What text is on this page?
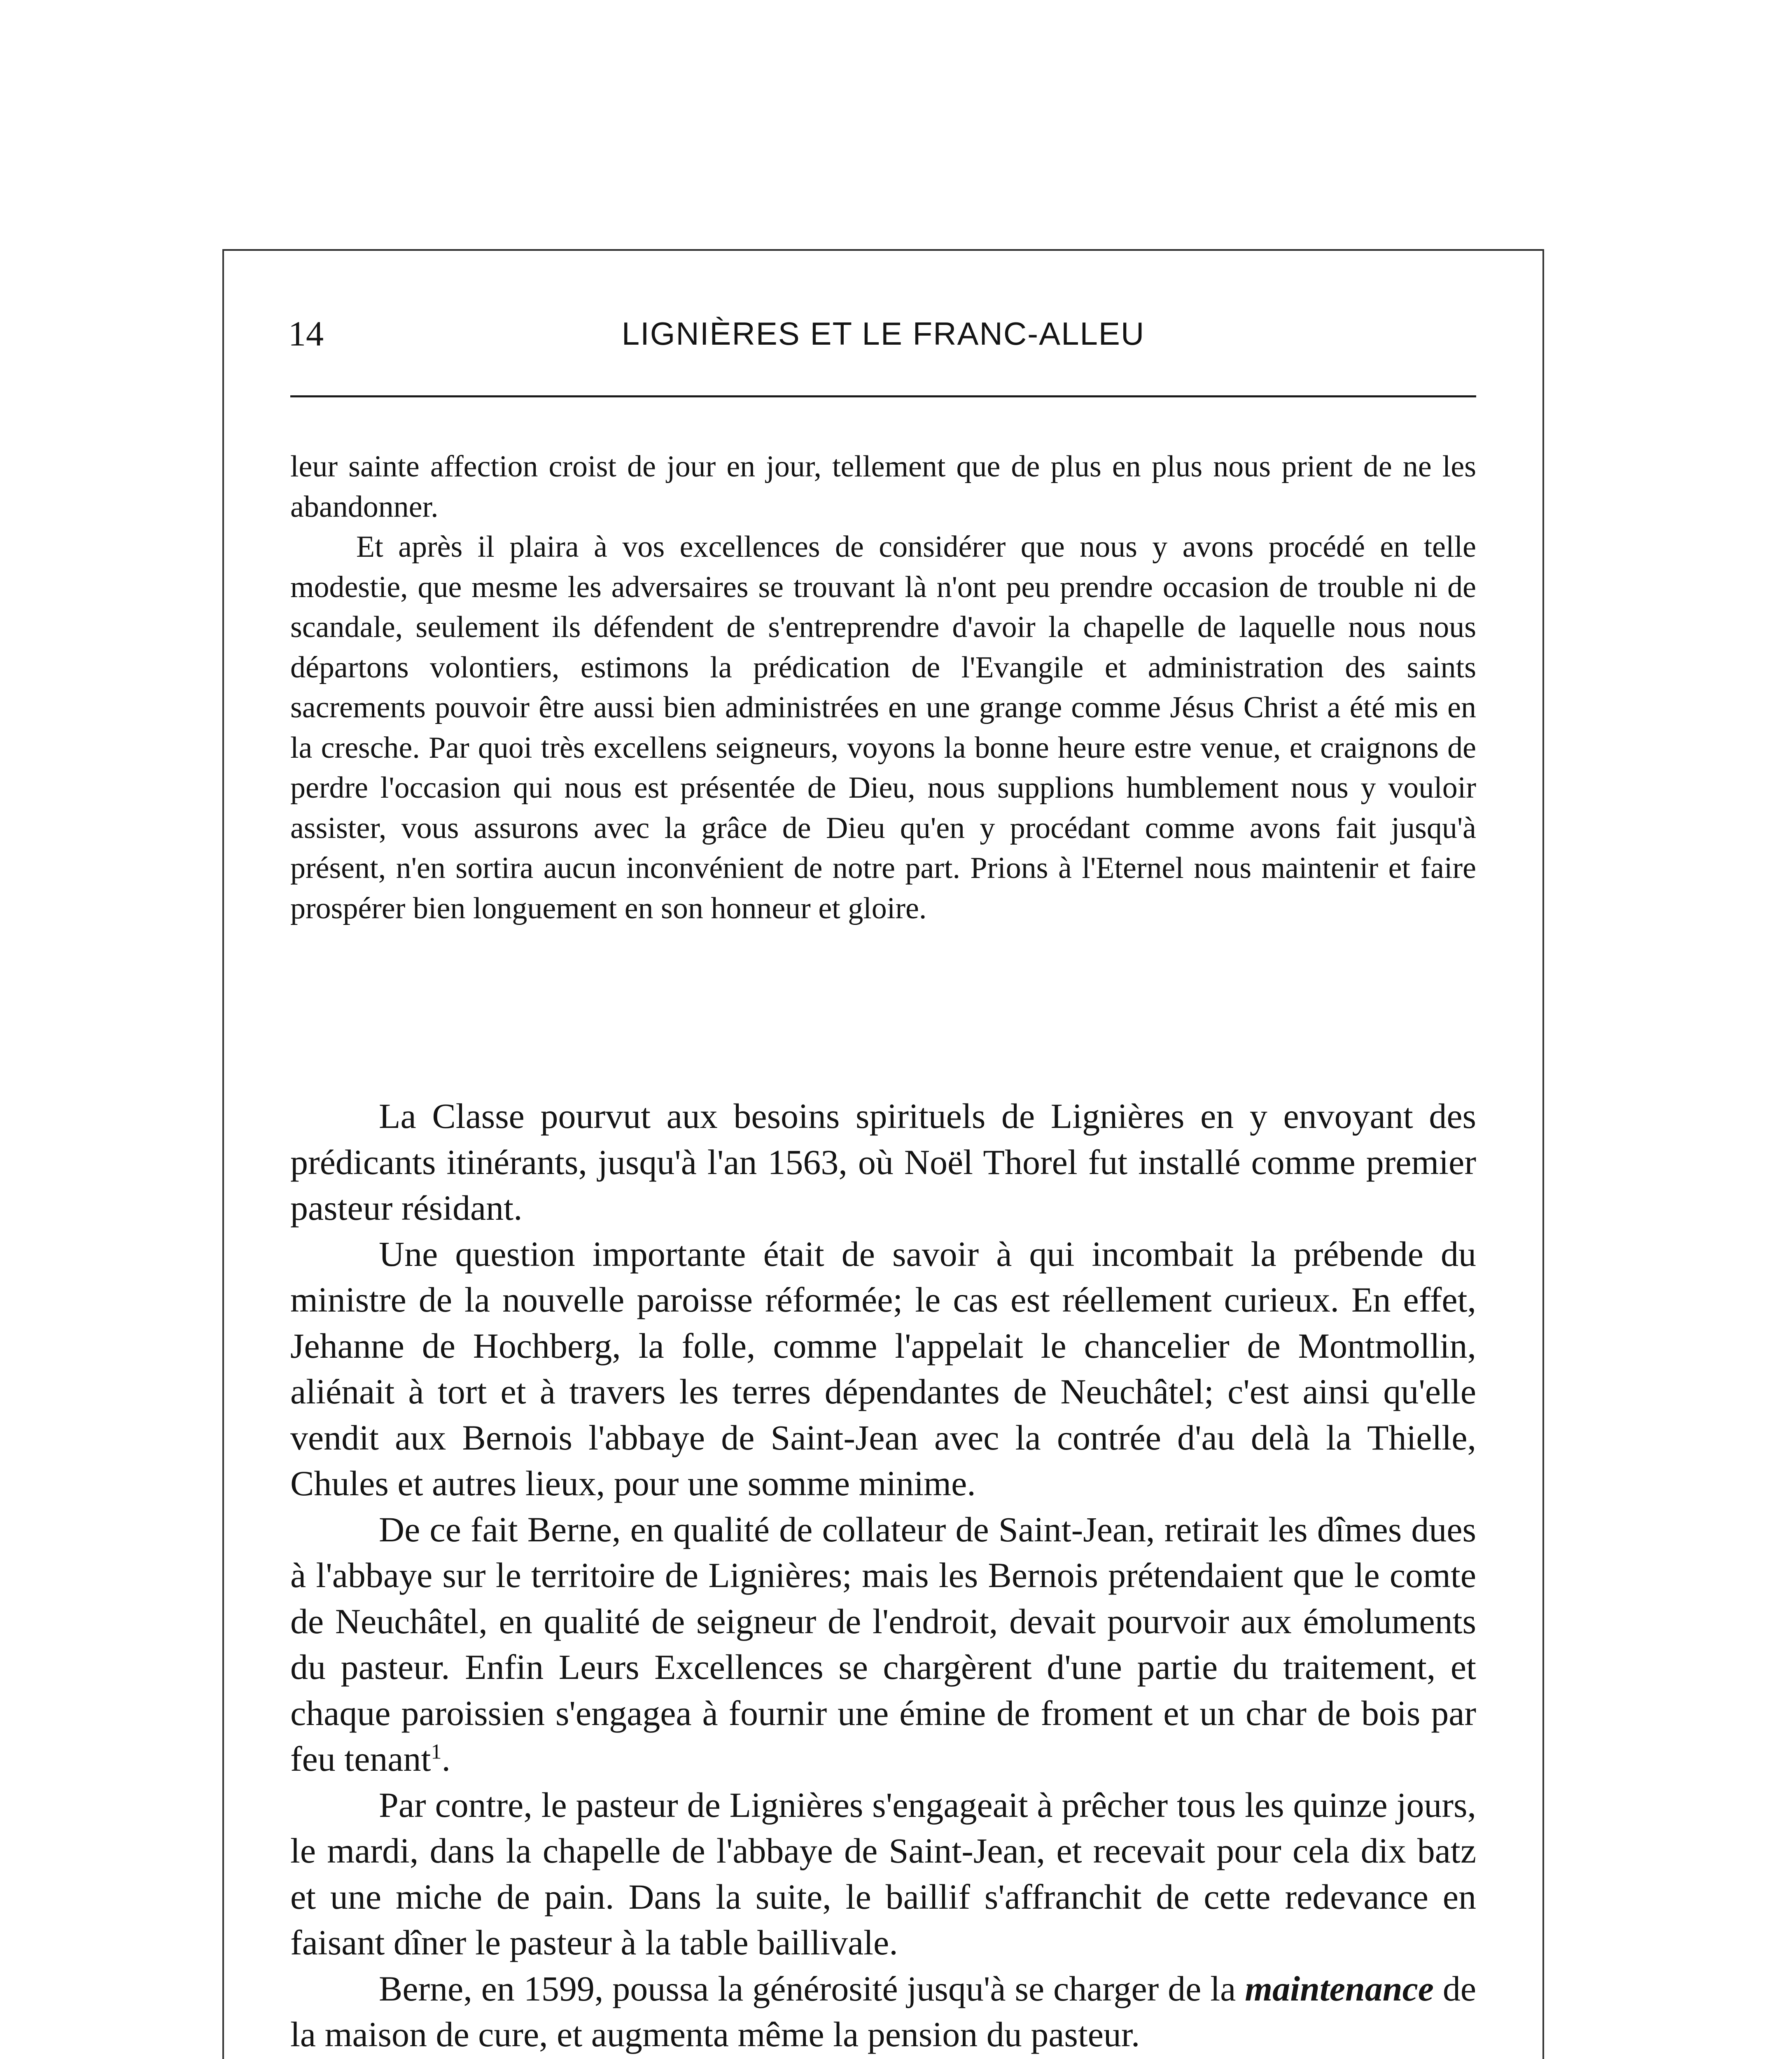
14	LIGNIÈRES ET LE FRANC-ALLEU

leur sainte affection croist de jour en jour, tellement que de plus en plus nous prient de ne les abandonner.

Et après il plaira à vos excellences de considérer que nous y avons procédé en telle modestie, que mesme les adversaires se trouvant là n'ont peu prendre occasion de trouble ni de scandale, seulement ils défendent de s'entreprendre d'avoir la chapelle de laquelle nous nous départons volontiers, estimons la prédication de l'Evangile et administration des saints sacrements pouvoir être aussi bien administrées en une grange comme Jésus Christ a été mis en la cresche. Par quoi très excellens seigneurs, voyons la bonne heure estre venue, et craignons de perdre l'occasion qui nous est présentée de Dieu, nous supplions humblement nous y vouloir assister, vous assurons avec la grâce de Dieu qu'en y procédant comme avons fait jusqu'à présent, n'en sortira aucun inconvénient de notre part. Prions à l'Eternel nous maintenir et faire prospérer bien longuement en son honneur et gloire.

La Classe pourvut aux besoins spirituels de Lignières en y envoyant des prédicants itinérants, jusqu'à l'an 1563, où Noël Thorel fut installé comme premier pasteur résidant.

Une question importante était de savoir à qui incombait la prébende du ministre de la nouvelle paroisse réformée; le cas est réellement curieux. En effet, Jehanne de Hochberg, la folle, comme l'appelait le chancelier de Montmollin, aliénait à tort et à travers les terres dépendantes de Neuchâtel; c'est ainsi qu'elle vendit aux Bernois l'abbaye de Saint-Jean avec la contrée d'au delà la Thielle, Chules et autres lieux, pour une somme minime.

De ce fait Berne, en qualité de collateur de Saint-Jean, retirait les dîmes dues à l'abbaye sur le territoire de Lignières; mais les Bernois prétendaient que le comte de Neuchâtel, en qualité de seigneur de l'endroit, devait pourvoir aux émoluments du pasteur. Enfin Leurs Excellences se chargèrent d'une partie du traitement, et chaque paroissien s'engagea à fournir une émine de froment et un char de bois par feu tenant$^1$.

Par contre, le pasteur de Lignières s'engageait à prêcher tous les quinze jours, le mardi, dans la chapelle de l'abbaye de Saint-Jean, et recevait pour cela dix batz et une miche de pain. Dans la suite, le baillif s'affranchit de cette redevance en faisant dîner le pasteur à la table baillivale.

Berne, en 1599, poussa la générosité jusqu'à se charger de la maintenance de la maison de cure, et augmenta même la pension du pasteur.
